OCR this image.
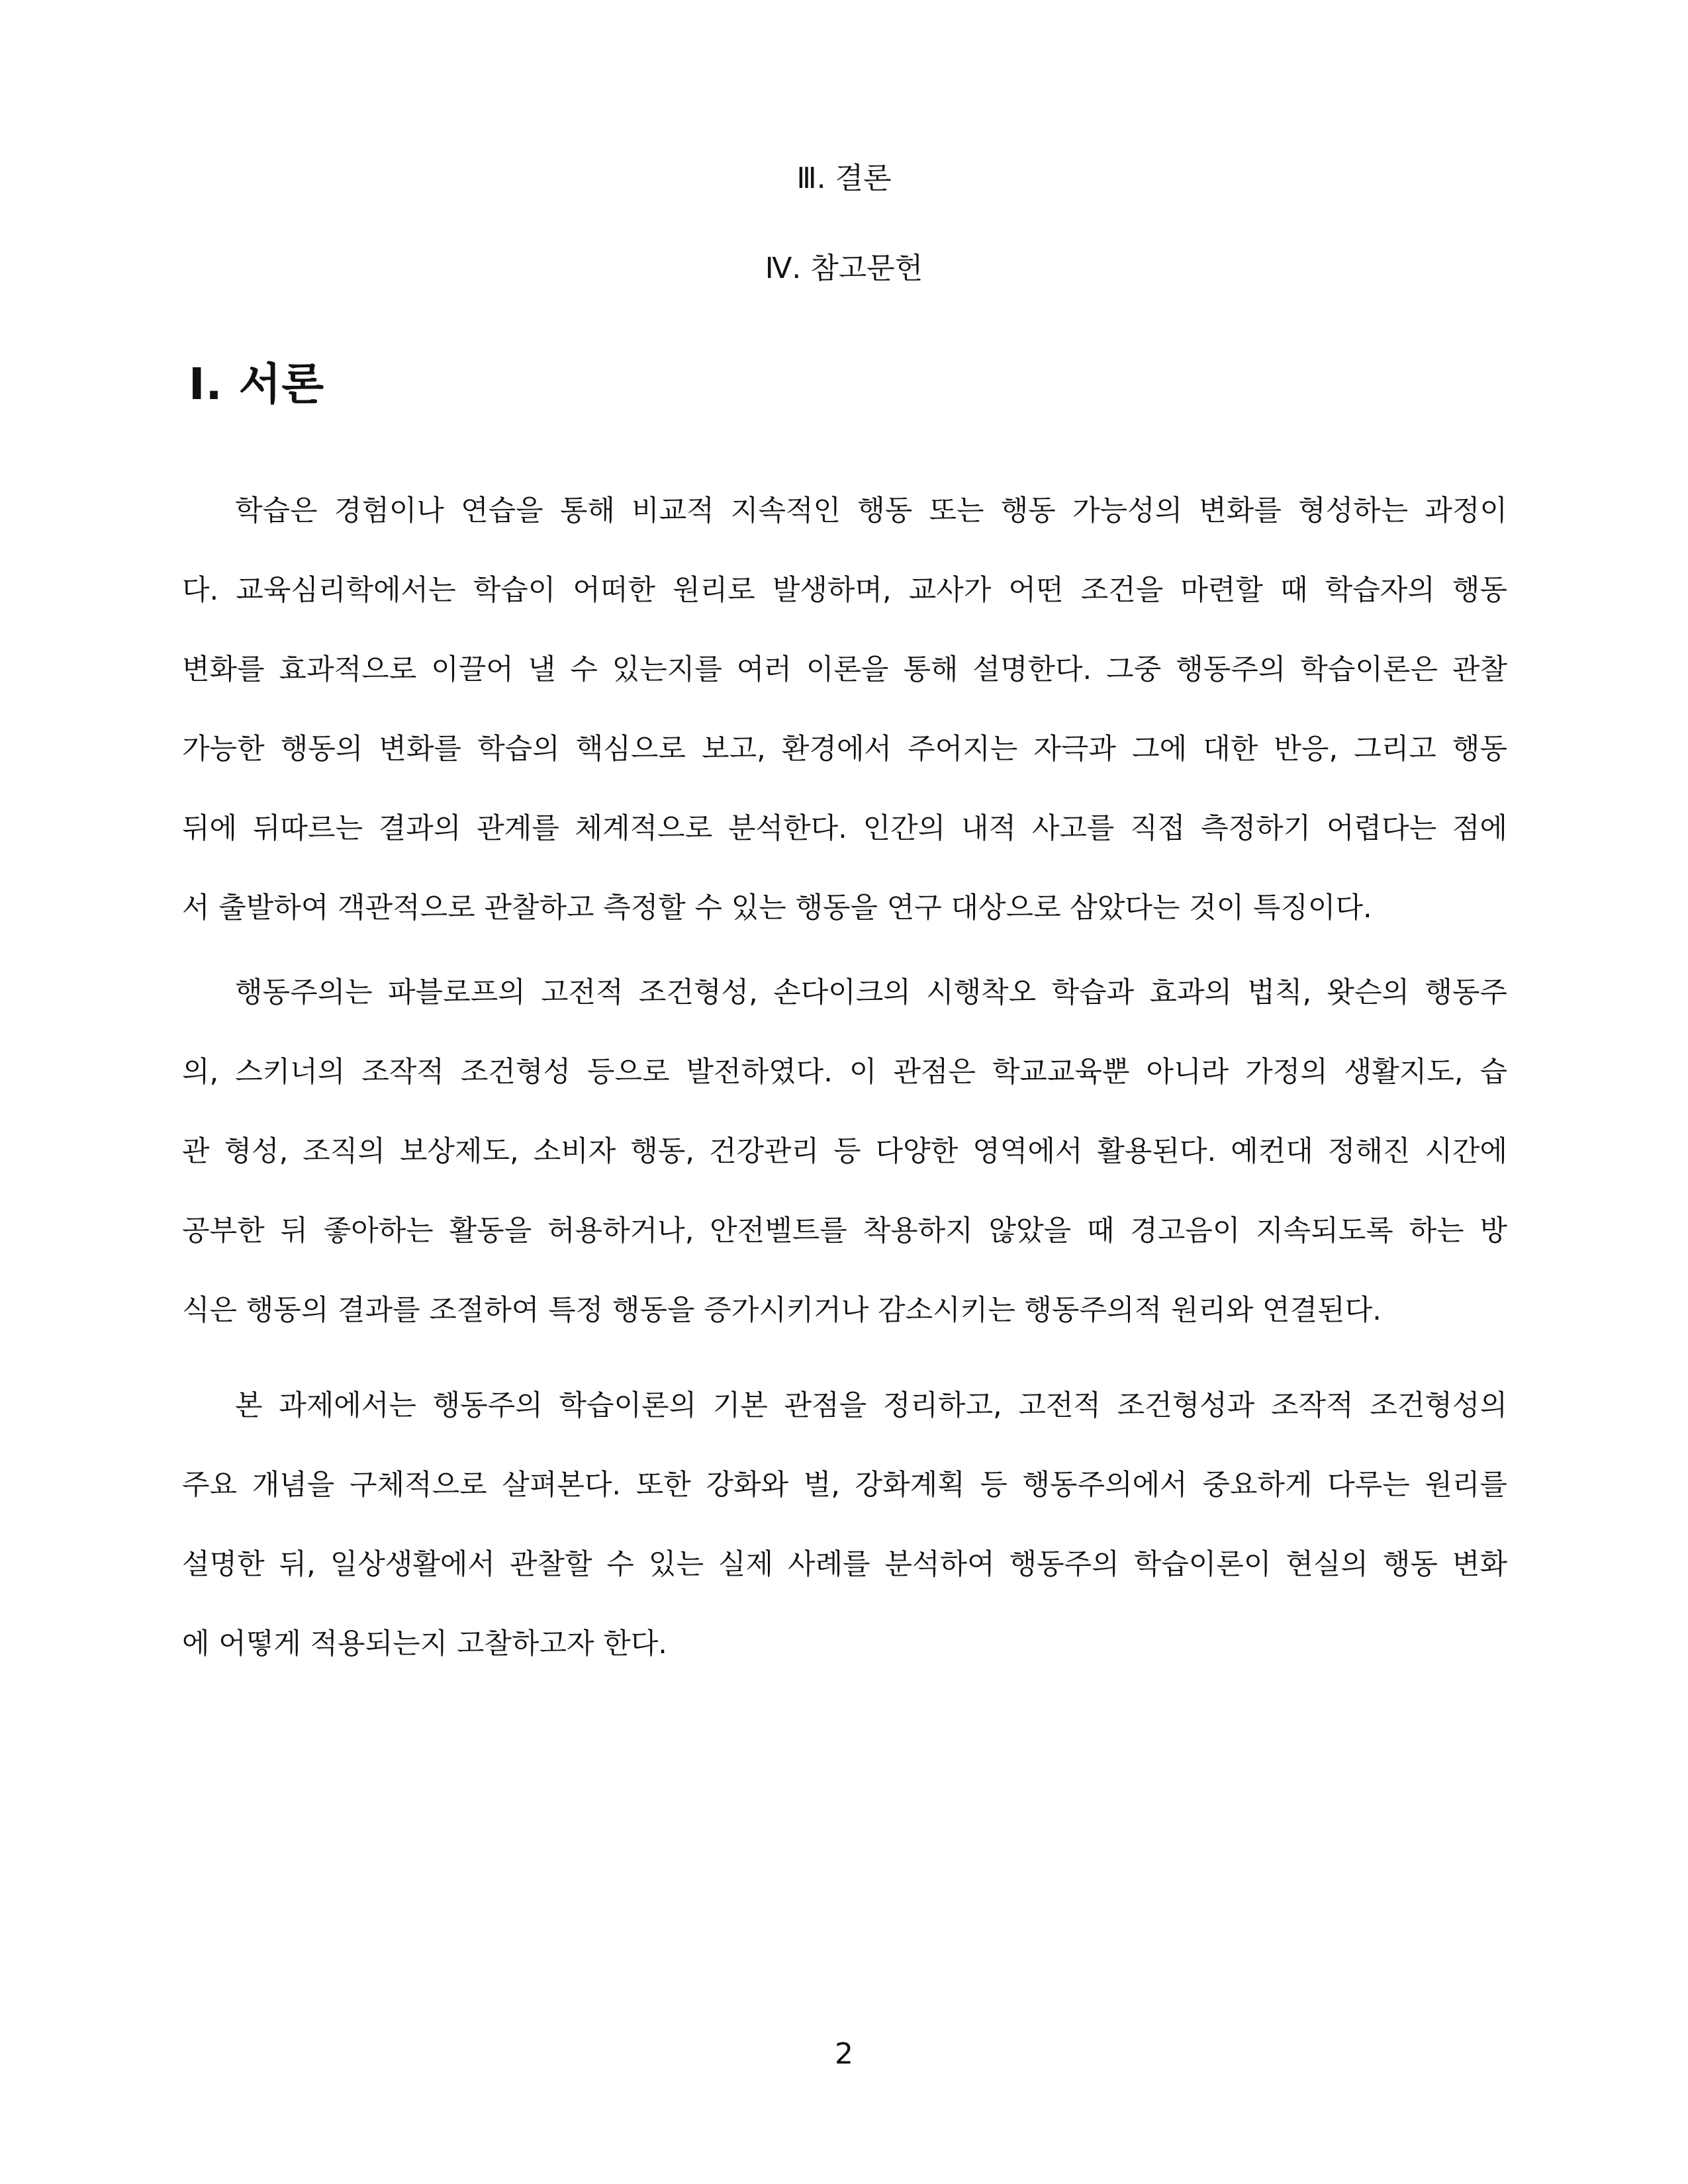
Ⅲ. 결론

Ⅳ. 참고문헌

Ⅰ. 서론
학습은 경험이나 연습을 통해 비교적 지속적인 행동 또는 행동 가능성의 변화를 형성하는 과정이
다. 교육심리학에서는 학습이 어떠한 원리로 발생하며, 교사가 어떤 조건을 마련할 때 학습자의 행동
변화를 효과적으로 이끌어 낼 수 있는지를 여러 이론을 통해 설명한다. 그중 행동주의 학습이론은 관찰
가능한 행동의 변화를 학습의 핵심으로 보고, 환경에서 주어지는 자극과 그에 대한 반응, 그리고 행동
뒤에 뒤따르는 결과의 관계를 체계적으로 분석한다. 인간의 내적 사고를 직접 측정하기 어렵다는 점에
서 출발하여 객관적으로 관찰하고 측정할 수 있는 행동을 연구 대상으로 삼았다는 것이 특징이다.
행동주의는 파블로프의 고전적 조건형성, 손다이크의 시행착오 학습과 효과의 법칙, 왓슨의 행동주
의, 스키너의 조작적 조건형성 등으로 발전하였다. 이 관점은 학교교육뿐 아니라 가정의 생활지도, 습
관 형성, 조직의 보상제도, 소비자 행동, 건강관리 등 다양한 영역에서 활용된다. 예컨대 정해진 시간에
공부한 뒤 좋아하는 활동을 허용하거나, 안전벨트를 착용하지 않았을 때 경고음이 지속되도록 하는 방
식은 행동의 결과를 조절하여 특정 행동을 증가시키거나 감소시키는 행동주의적 원리와 연결된다.
본 과제에서는 행동주의 학습이론의 기본 관점을 정리하고, 고전적 조건형성과 조작적 조건형성의
주요 개념을 구체적으로 살펴본다. 또한 강화와 벌, 강화계획 등 행동주의에서 중요하게 다루는 원리를
설명한 뒤, 일상생활에서 관찰할 수 있는 실제 사례를 분석하여 행동주의 학습이론이 현실의 행동 변화
에 어떻게 적용되는지 고찰하고자 한다.

2
